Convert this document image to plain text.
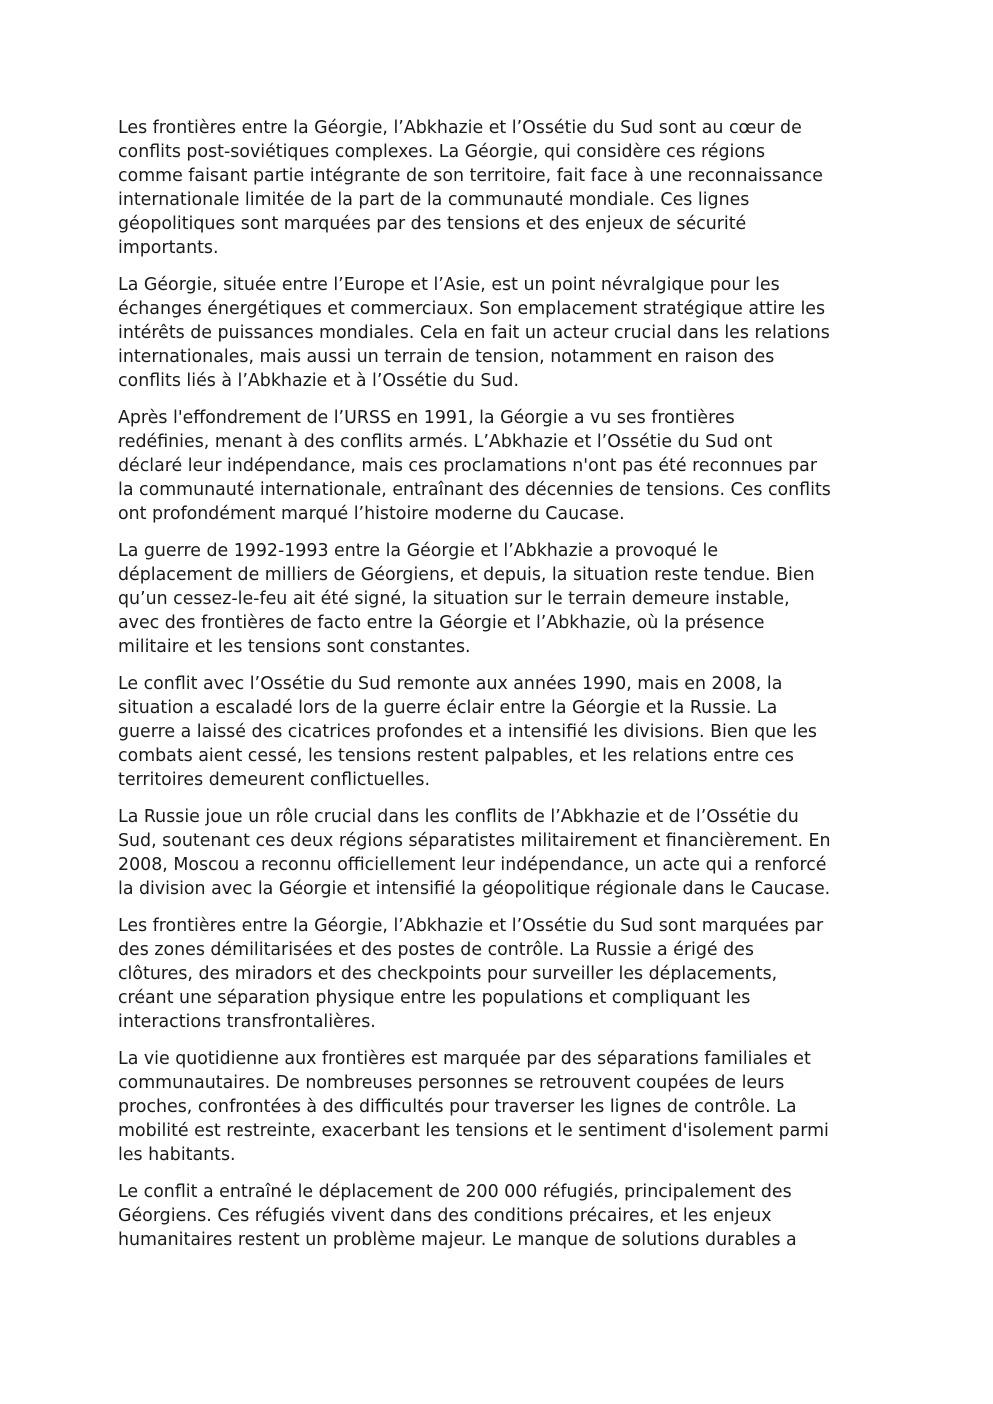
Les frontières entre la Géorgie, l’Abkhazie et l’Ossétie du Sud sont au cœur de
conflits post-soviétiques complexes. La Géorgie, qui considère ces régions
comme faisant partie intégrante de son territoire, fait face à une reconnaissance
internationale limitée de la part de la communauté mondiale. Ces lignes
géopolitiques sont marquées par des tensions et des enjeux de sécurité
importants.

La Géorgie, située entre l’Europe et l’Asie, est un point névralgique pour les
échanges énergétiques et commerciaux. Son emplacement stratégique attire les
intérêts de puissances mondiales. Cela en fait un acteur crucial dans les relations
internationales, mais aussi un terrain de tension, notamment en raison des
conflits liés à l’Abkhazie et à l’Ossétie du Sud.

Après l'effondrement de l’URSS en 1991, la Géorgie a vu ses frontières
redéfinies, menant à des conflits armés. L’Abkhazie et l’Ossétie du Sud ont
déclaré leur indépendance, mais ces proclamations n'ont pas été reconnues par
la communauté internationale, entraînant des décennies de tensions. Ces conflits
ont profondément marqué l’histoire moderne du Caucase.

La guerre de 1992-1993 entre la Géorgie et l’Abkhazie a provoqué le
déplacement de milliers de Géorgiens, et depuis, la situation reste tendue. Bien
qu’un cessez-le-feu ait été signé, la situation sur le terrain demeure instable,
avec des frontières de facto entre la Géorgie et l’Abkhazie, où la présence
militaire et les tensions sont constantes.

Le conflit avec l’Ossétie du Sud remonte aux années 1990, mais en 2008, la
situation a escaladé lors de la guerre éclair entre la Géorgie et la Russie. La
guerre a laissé des cicatrices profondes et a intensifié les divisions. Bien que les
combats aient cessé, les tensions restent palpables, et les relations entre ces
territoires demeurent conflictuelles.

La Russie joue un rôle crucial dans les conflits de l’Abkhazie et de l’Ossétie du
Sud, soutenant ces deux régions séparatistes militairement et financièrement. En
2008, Moscou a reconnu officiellement leur indépendance, un acte qui a renforcé
la division avec la Géorgie et intensifié la géopolitique régionale dans le Caucase.

Les frontières entre la Géorgie, l’Abkhazie et l’Ossétie du Sud sont marquées par
des zones démilitarisées et des postes de contrôle. La Russie a érigé des
clôtures, des miradors et des checkpoints pour surveiller les déplacements,
créant une séparation physique entre les populations et compliquant les
interactions transfrontalières.

La vie quotidienne aux frontières est marquée par des séparations familiales et
communautaires. De nombreuses personnes se retrouvent coupées de leurs
proches, confrontées à des difficultés pour traverser les lignes de contrôle. La
mobilité est restreinte, exacerbant les tensions et le sentiment d'isolement parmi
les habitants.

Le conflit a entraîné le déplacement de 200 000 réfugiés, principalement des
Géorgiens. Ces réfugiés vivent dans des conditions précaires, et les enjeux
humanitaires restent un problème majeur. Le manque de solutions durables a
